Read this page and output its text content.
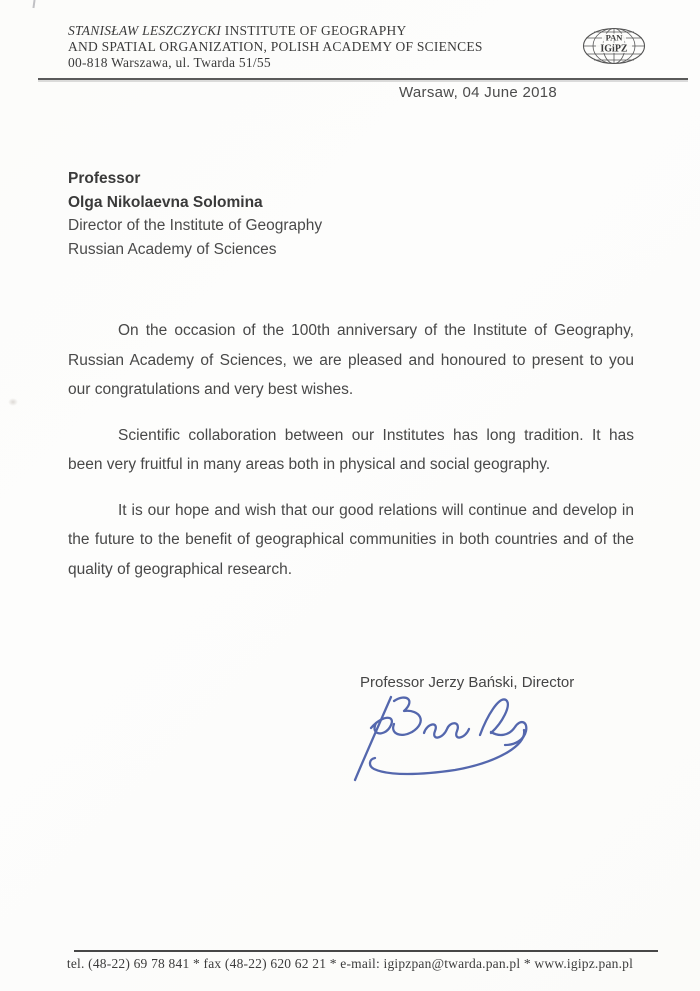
STANISŁAW LESZCZYCKI INSTITUTE OF GEOGRAPHY
AND SPATIAL ORGANIZATION, POLISH ACADEMY OF SCIENCES
00-818 Warszawa, ul. Twarda 51/55
PAN
IGiPZ
Warsaw, 04 June 2018
Professor
Olga Nikolaevna Solomina
Director of the Institute of Geography
Russian Academy of Sciences

On the occasion of the 100th anniversary of the Institute of Geography, Russian Academy of Sciences, we are pleased and honoured to present to you our congratulations and very best wishes.

Scientific collaboration between our Institutes has long tradition. It has been very fruitful in many areas both in physical and social geography.

It is our hope and wish that our good relations will continue and develop in the future to the benefit of geographical communities in both countries and of the quality of geographical research.

Professor Jerzy Bański, Director
tel. (48-22) 69 78 841 * fax (48-22) 620 62 21 * e-mail: igipzpan@twarda.pan.pl * www.igipz.pan.pl
